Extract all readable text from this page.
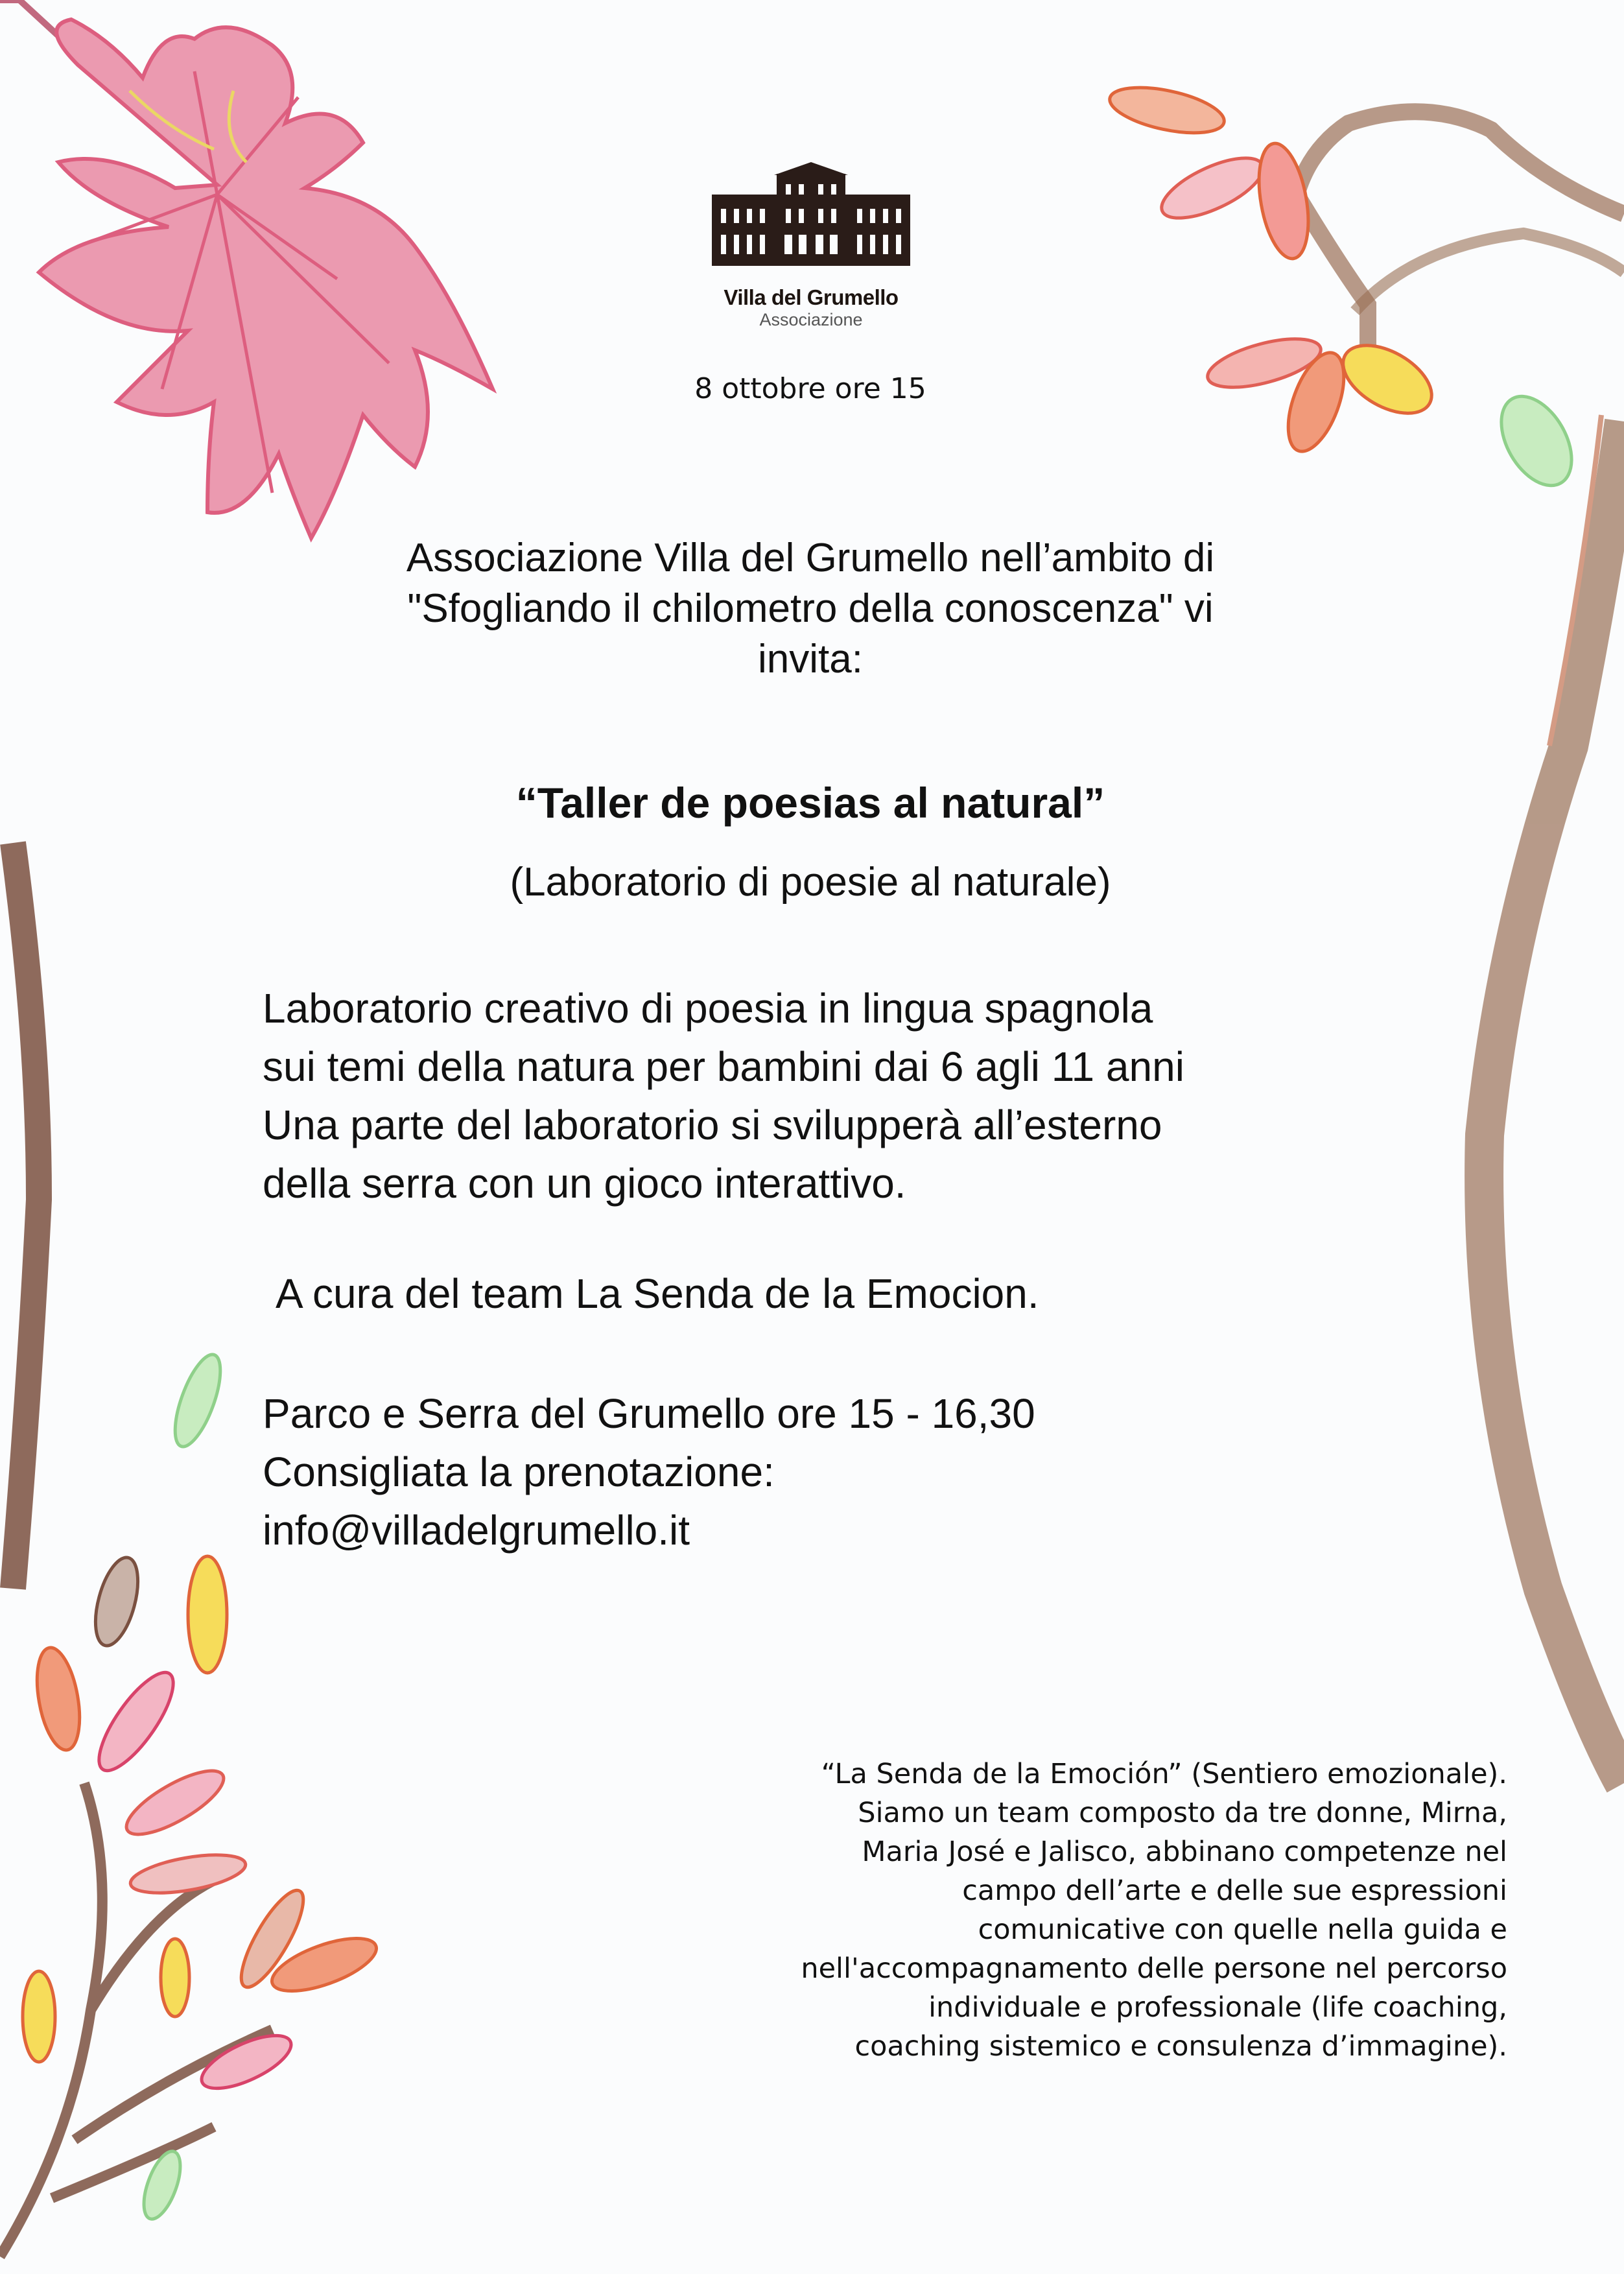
Villa del Grumello
Associazione
8 ottobre ore 15
Associazione Villa del Grumello nell’ambito di
"Sfogliando il chilometro della conoscenza" vi
invita:
“Taller de poesias al natural”
(Laboratorio di poesie al naturale)
Laboratorio creativo di poesia in lingua spagnola
sui temi della natura per bambini dai 6 agli 11 anni
Una parte del laboratorio si svilupperà all’esterno
della serra con un gioco interattivo.
A cura del team La Senda de la Emocion.
Parco e Serra del Grumello ore 15 - 16,30
Consigliata la prenotazione:
info@villadelgrumello.it
“La Senda de la Emoción” (Sentiero emozionale).
Siamo un team composto da tre donne, Mirna,
Maria José e Jalisco, abbinano competenze nel
campo dell’arte e delle sue espressioni
comunicative con quelle nella guida e
nell'accompagnamento delle persone nel percorso
individuale e professionale (life coaching,
coaching sistemico e consulenza d’immagine).
